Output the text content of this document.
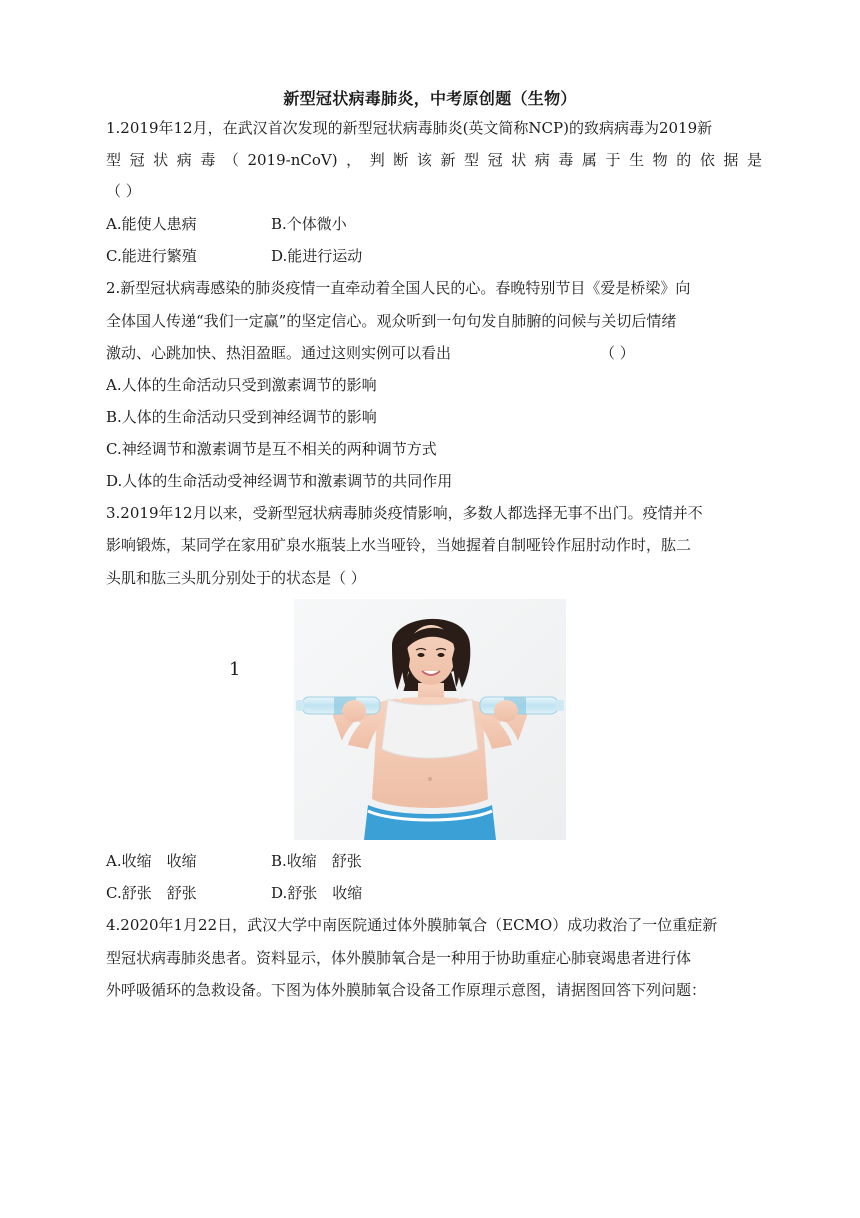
新型冠状病毒肺炎，中考原创题（生物）
1.2019年12月，在武汉首次发现的新型冠状病毒肺炎(英文简称NCP)的致病病毒为2019新
型 冠 状 病 毒 （ 2019-nCoV) ， 判 断 该 新 型 冠 状 病 毒 属 于 生 物 的 依 据 是
（ ）
A.能使人患病	B.个体微小
C.能进行繁殖	D.能进行运动
2.新型冠状病毒感染的肺炎疫情一直牵动着全国人民的心。春晚特别节目《爱是桥梁》向
全体国人传递“我们一定赢”的坚定信心。观众听到一句句发自肺腑的问候与关切后情绪
激动、心跳加快、热泪盈眶。通过这则实例可以看出	（ ）
A.人体的生命活动只受到激素调节的影响
B.人体的生命活动只受到神经调节的影响
C.神经调节和激素调节是互不相关的两种调节方式
D.人体的生命活动受神经调节和激素调节的共同作用
3.2019年12月以来，受新型冠状病毒肺炎疫情影响，多数人都选择无事不出门。疫情并不
影响锻炼，某同学在家用矿泉水瓶装上水当哑铃，当她握着自制哑铃作屈肘动作时，肱二
头肌和肱三头肌分别处于的状态是（ ）
1
A.收缩　收缩	B.收缩　舒张
C.舒张　舒张	D.舒张　收缩
4.2020年1月22日，武汉大学中南医院通过体外膜肺氧合（ECMO）成功救治了一位重症新
型冠状病毒肺炎患者。资料显示，体外膜肺氧合是一种用于协助重症心肺衰竭患者进行体
外呼吸循环的急救设备。下图为体外膜肺氧合设备工作原理示意图，请据图回答下列问题：
